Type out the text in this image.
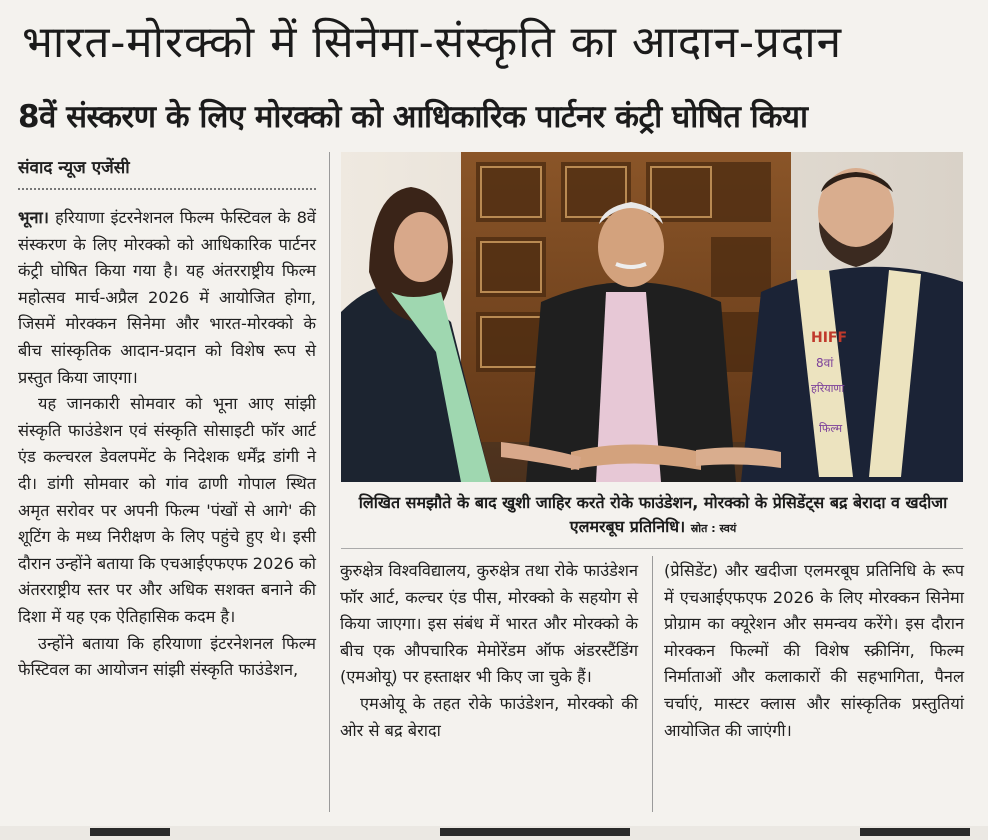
भारत-मोरक्को में सिनेमा-संस्कृति का आदान-प्रदान
8वें संस्करण के लिए मोरक्को को आधिकारिक पार्टनर कंट्री घोषित किया
संवाद न्यूज एजेंसी

भूना। हरियाणा इंटरनेशनल फिल्म फेस्टिवल के 8वें संस्करण के लिए मोरक्को को आधिकारिक पार्टनर कंट्री घोषित किया गया है। यह अंतरराष्ट्रीय फिल्म महोत्सव मार्च-अप्रैल 2026 में आयोजित होगा, जिसमें मोरक्कन सिनेमा और भारत-मोरक्को के बीच सांस्कृतिक आदान-प्रदान को विशेष रूप से प्रस्तुत किया जाएगा।

यह जानकारी सोमवार को भूना आए सांझी संस्कृति फाउंडेशन एवं संस्कृति सोसाइटी फॉर आर्ट एंड कल्चरल डेवलपमेंट के निदेशक धर्मेंद्र डांगी ने दी। डांगी सोमवार को गांव ढाणी गोपाल स्थित अमृत सरोवर पर अपनी फिल्म 'पंखों से आगे' की शूटिंग के मध्य निरीक्षण के लिए पहुंचे हुए थे। इसी दौरान उन्होंने बताया कि एचआईएफएफ 2026 को अंतरराष्ट्रीय स्तर पर और अधिक सशक्त बनाने की दिशा में यह एक ऐतिहासिक कदम है।

उन्होंने बताया कि हरियाणा इंटरनेशनल फिल्म फेस्टिवल का आयोजन सांझी संस्कृति फाउंडेशन,

HIFF
8वां
हरियाणा
फिल्म
लिखित समझौते के बाद खुशी जाहिर करते रोके फाउंडेशन, मोरक्को के प्रेसिडेंट्स बद्र बेरादा व खदीजा एलमरबूघ प्रतिनिधि। स्रोत : स्वयं

कुरुक्षेत्र विश्वविद्यालय, कुरुक्षेत्र तथा रोके फाउंडेशन फॉर आर्ट, कल्चर एंड पीस, मोरक्को के सहयोग से किया जाएगा। इस संबंध में भारत और मोरक्को के बीच एक औपचारिक मेमोरेंडम ऑफ अंडरस्टैंडिंग (एमओयू) पर हस्ताक्षर भी किए जा चुके हैं।

एमओयू के तहत रोके फाउंडेशन, मोरक्को की ओर से बद्र बेरादा

(प्रेसिडेंट) और खदीजा एलमरबूघ प्रतिनिधि के रूप में एचआईएफएफ 2026 के लिए मोरक्कन सिनेमा प्रोग्राम का क्यूरेशन और समन्वय करेंगे। इस दौरान मोरक्कन फिल्मों की विशेष स्क्रीनिंग, फिल्म निर्माताओं और कलाकारों की सहभागिता, पैनल चर्चाएं, मास्टर क्लास और सांस्कृतिक प्रस्तुतियां आयोजित की जाएंगी।
